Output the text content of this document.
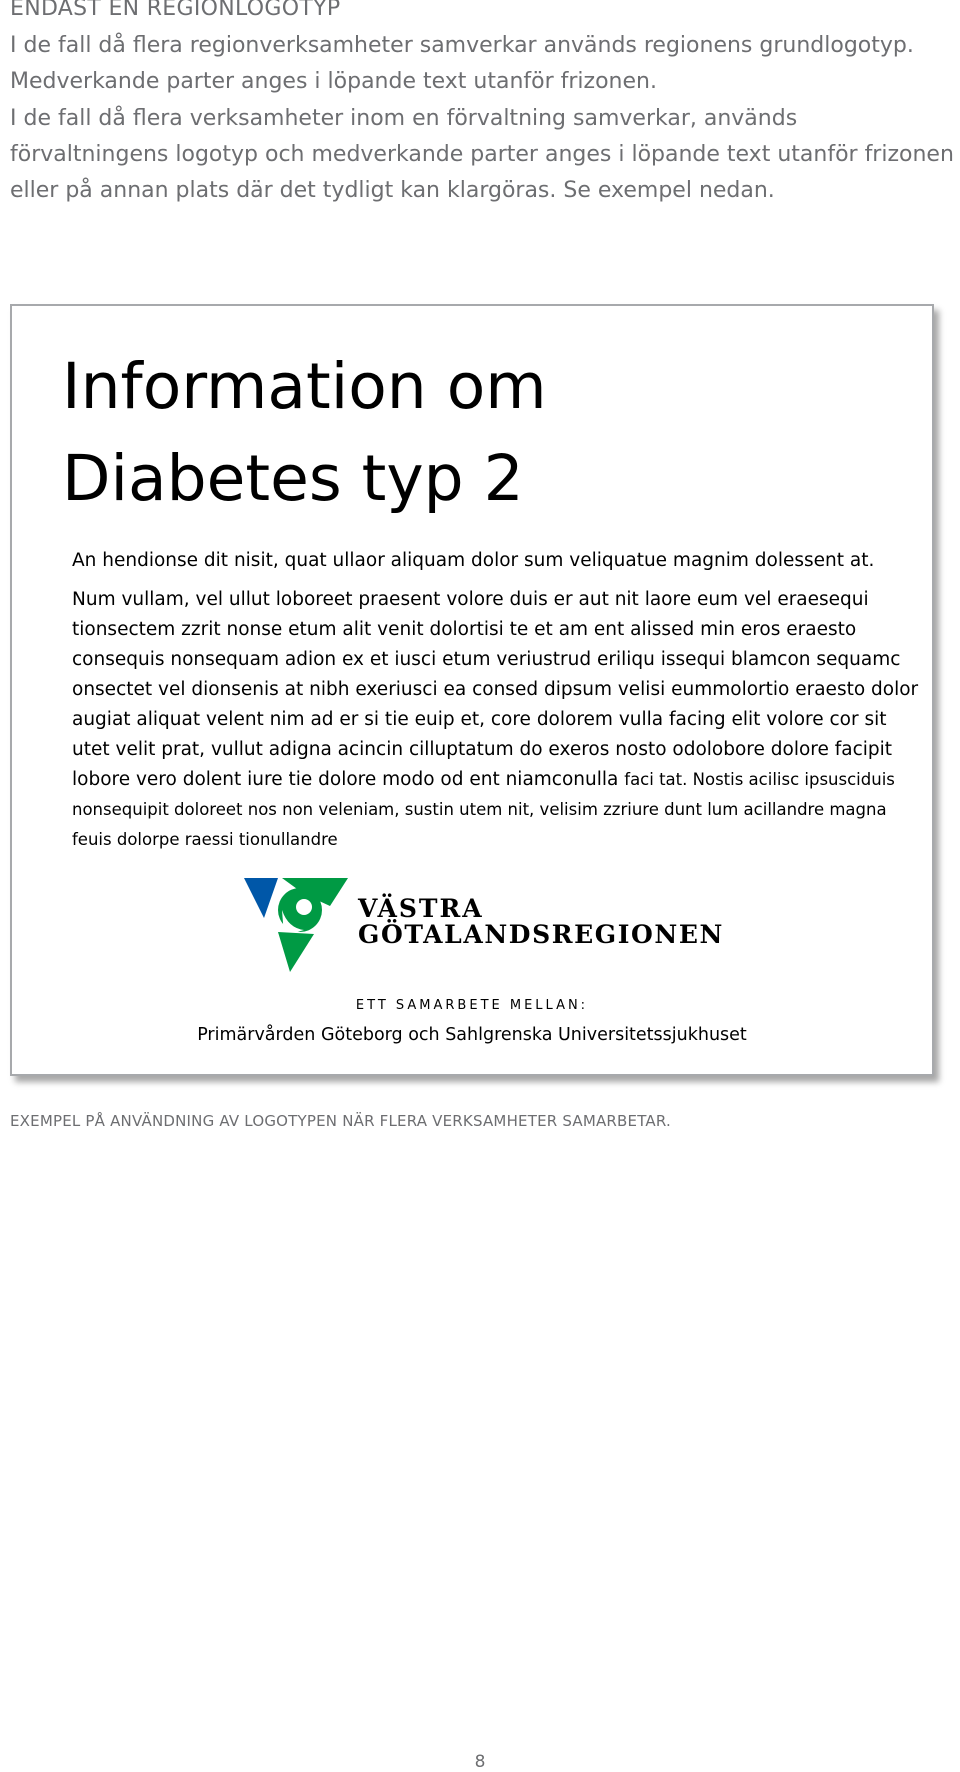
ENDAST EN REGIONLOGOTYP
I de fall då flera regionverksamheter samverkar används regionens grundlogotyp. Medverkande parter anges i löpande text utanför frizonen.
I de fall då flera verksamheter inom en förvaltning samverkar, används förvaltningens logotyp och medverkande parter anges i löpande text utanför frizonen eller på annan plats där det tydligt kan klargöras. Se exempel nedan.
Information om
Diabetes typ 2
An hendionse dit nisit, quat ullaor aliquam dolor sum veliquatue magnim dolessent at.
Num vullam, vel ullut loboreet praesent volore duis er aut nit laore eum vel eraesequi tionsectem zzrit nonse etum alit venit dolortisi te et am ent alissed min eros eraesto consequis nonsequam adion ex et iusci etum veriustrud eriliqu issequi blamcon sequamc onsectet vel dionsenis at nibh exeriusci ea consed dipsum velisi eummolortio eraesto dolor augiat aliquat velent nim ad er si tie euip et, core dolorem vulla facing elit volore cor sit utet velit prat, vullut adigna acincin cilluptatum do exeros nosto odolobore dolore facipit lobore vero dolent iure tie dolore modo od ent niamconulla faci tat. Nostis acilisc ipsusciduis nonsequipit doloreet nos non veleniam, sustin utem nit, velisim zzriure dunt lum acillandre magna feuis dolorpe raessi tionullandre
VÄSTRA
GÖTALANDSREGIONEN
ETT SAMARBETE MELLAN:
Primärvården Göteborg och Sahlgrenska Universitetssjukhuset
EXEMPEL PÅ ANVÄNDNING AV LOGOTYPEN NÄR FLERA VERKSAMHETER SAMARBETAR.
8
